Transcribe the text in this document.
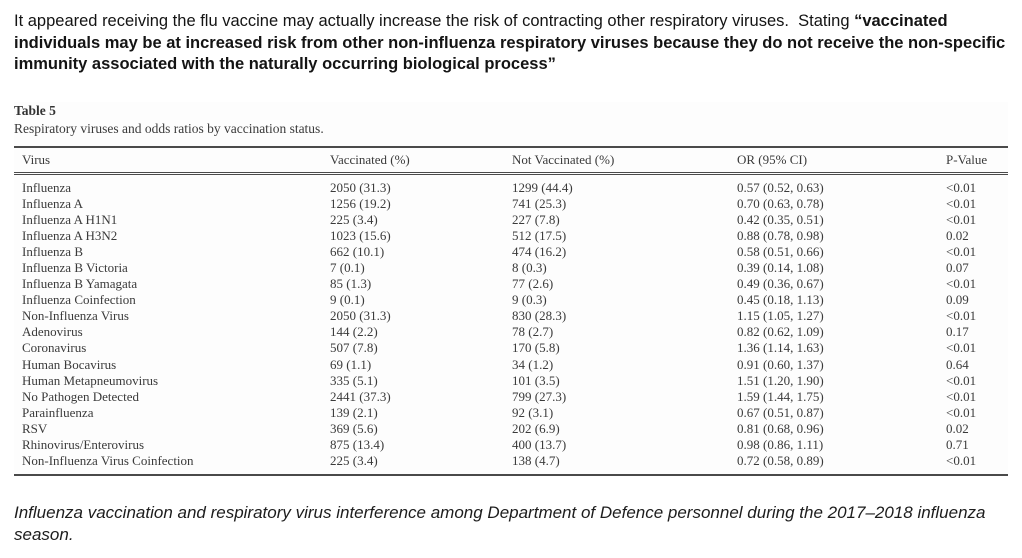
It appeared receiving the flu vaccine may actually increase the risk of contracting other respiratory viruses.  Stating “vaccinated individuals may be at increased risk from other non-influenza respiratory viruses because they do not receive the non-specific immunity associated with the naturally occurring biological process”

Table 5
Respiratory viruses and odds ratios by vaccination status.
Virus	Vaccinated (%)	Not Vaccinated (%)	OR (95% CI)	P-Value
Influenza	2050 (31.3)	1299 (44.4)	0.57 (0.52, 0.63)	<0.01
Influenza A	1256 (19.2)	741 (25.3)	0.70 (0.63, 0.78)	<0.01
Influenza A H1N1	225 (3.4)	227 (7.8)	0.42 (0.35, 0.51)	<0.01
Influenza A H3N2	1023 (15.6)	512 (17.5)	0.88 (0.78, 0.98)	0.02
Influenza B	662 (10.1)	474 (16.2)	0.58 (0.51, 0.66)	<0.01
Influenza B Victoria	7 (0.1)	8 (0.3)	0.39 (0.14, 1.08)	0.07
Influenza B Yamagata	85 (1.3)	77 (2.6)	0.49 (0.36, 0.67)	<0.01
Influenza Coinfection	9 (0.1)	9 (0.3)	0.45 (0.18, 1.13)	0.09
Non-Influenza Virus	2050 (31.3)	830 (28.3)	1.15 (1.05, 1.27)	<0.01
Adenovirus	144 (2.2)	78 (2.7)	0.82 (0.62, 1.09)	0.17
Coronavirus	507 (7.8)	170 (5.8)	1.36 (1.14, 1.63)	<0.01
Human Bocavirus	69 (1.1)	34 (1.2)	0.91 (0.60, 1.37)	0.64
Human Metapneumovirus	335 (5.1)	101 (3.5)	1.51 (1.20, 1.90)	<0.01
No Pathogen Detected	2441 (37.3)	799 (27.3)	1.59 (1.44, 1.75)	<0.01
Parainfluenza	139 (2.1)	92 (3.1)	0.67 (0.51, 0.87)	<0.01
RSV	369 (5.6)	202 (6.9)	0.81 (0.68, 0.96)	0.02
Rhinovirus/Enterovirus	875 (13.4)	400 (13.7)	0.98 (0.86, 1.11)	0.71
Non-Influenza Virus Coinfection	225 (3.4)	138 (4.7)	0.72 (0.58, 0.89)	<0.01

Influenza vaccination and respiratory virus interference among Department of Defence personnel during the 2017–2018 influenza season.
